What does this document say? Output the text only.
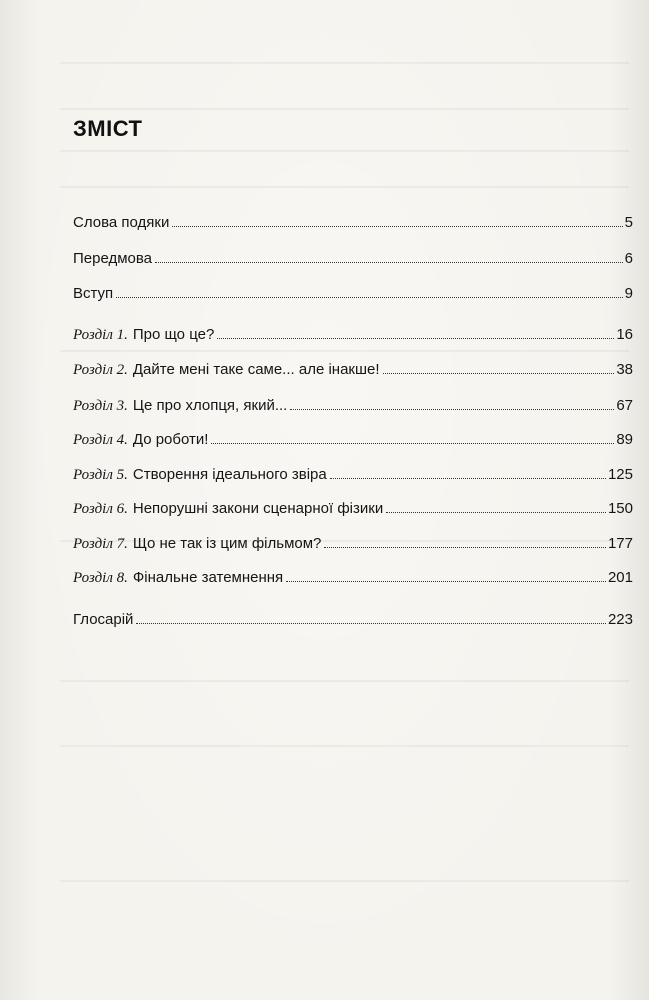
ЗМІСТ
Слова подяки	5
Передмова	6
Вступ	9
Розділ 1. Про що це?	16
Розділ 2. Дайте мені таке саме... але інакше!	38
Розділ 3. Це про хлопця, який...	67
Розділ 4. До роботи!	89
Розділ 5. Створення ідеального звіра	125
Розділ 6. Непорушні закони сценарної фізики	150
Розділ 7. Що не так із цим фільмом?	177
Розділ 8. Фінальне затемнення	201
Глосарій	223
